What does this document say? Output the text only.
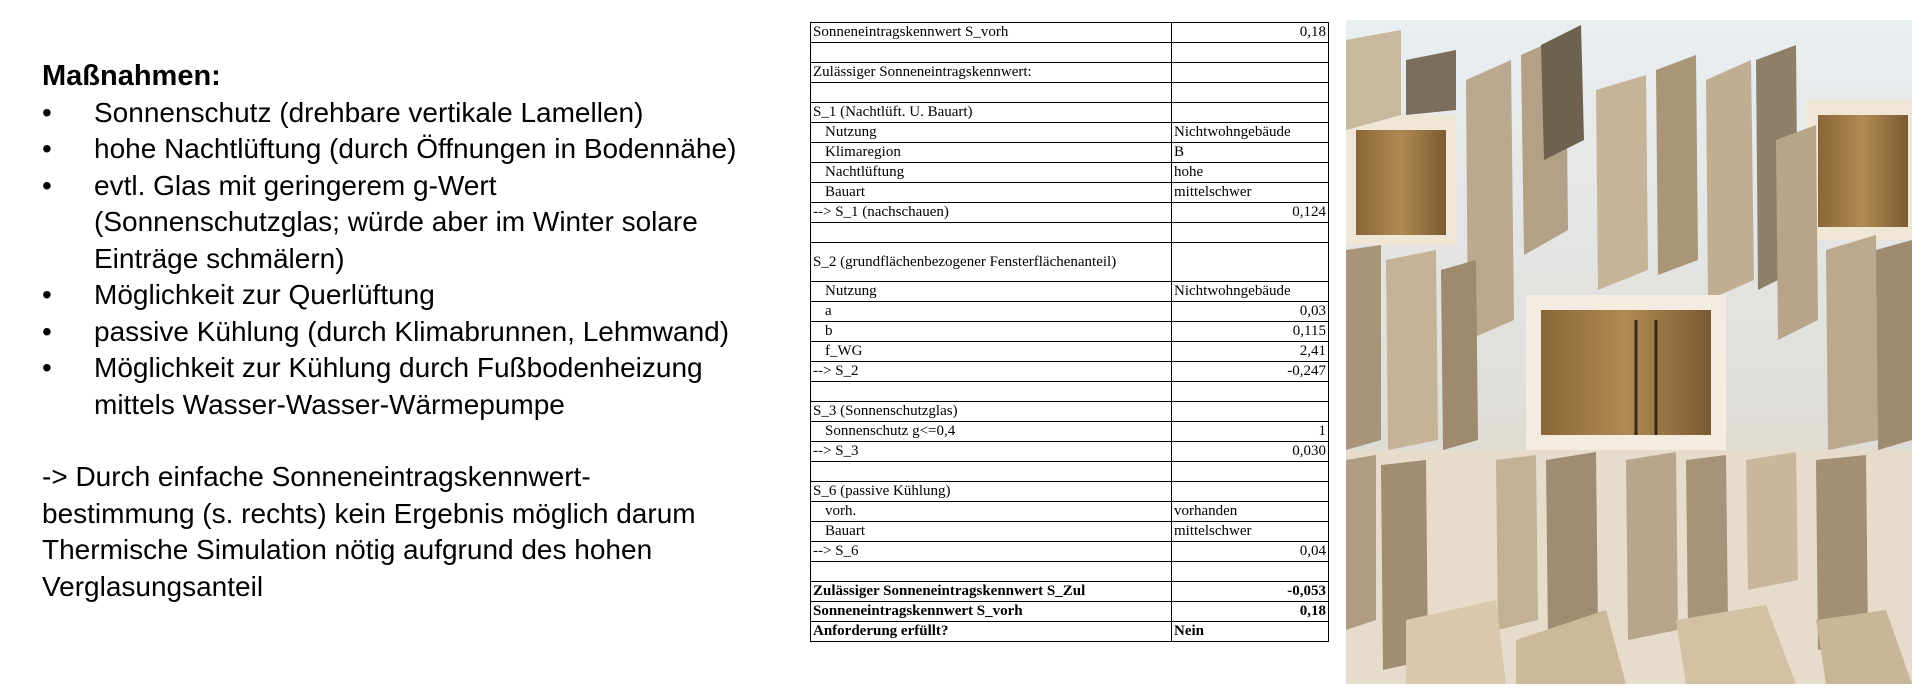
Maßnahmen:
• Sonnenschutz (drehbare vertikale Lamellen)
• hohe Nachtlüftung (durch Öffnungen in Bodennähe)
• evtl. Glas mit geringerem g-Wert (Sonnenschutzglas; würde aber im Winter solare Einträge schmälern)
• Möglichkeit zur Querlüftung
• passive Kühlung (durch Klimabrunnen, Lehmwand)
• Möglichkeit zur Kühlung durch Fußbodenheizung mittels Wasser-Wasser-Wärmepumpe
-> Durch einfache Sonneneintragskennwert-bestimmung (s. rechts) kein Ergebnis möglich darum Thermische Simulation nötig aufgrund des hohen Verglasungsanteil
Sonneneintragskennwert S_vorh	0,18

Zulässiger Sonneneintragskennwert:	

S_1 (Nachtlüft. U. Bauart)	
Nutzung	Nichtwohngebäude
Klimaregion	B
Nachtlüftung	hohe
Bauart	mittelschwer
--> S_1 (nachschauen)	0,124

S_2 (grundflächenbezogener Fensterflächenanteil)	
Nutzung	Nichtwohngebäude
a	0,03
b	0,115
f_WG	2,41
--> S_2	-0,247

S_3 (Sonnenschutzglas)	
Sonnenschutz g<=0,4	1
--> S_3	0,030

S_6 (passive Kühlung)	
vorh.	vorhanden
Bauart	mittelschwer
--> S_6	0,04

Zulässiger Sonneneintragskennwert S_Zul	-0,053
Sonneneintragskennwert S_vorh	0,18
Anforderung erfüllt?	Nein
